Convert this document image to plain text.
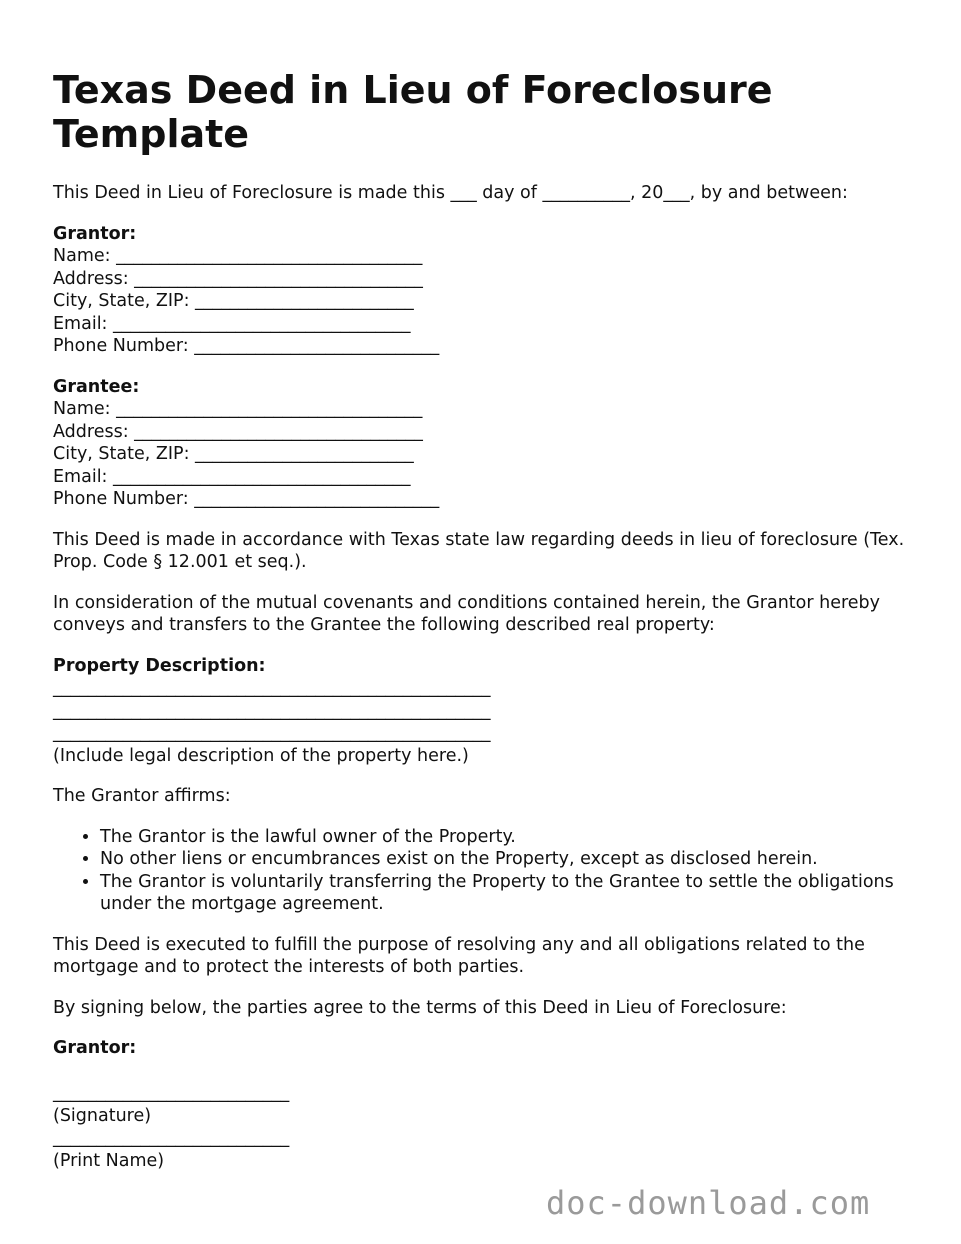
Texas Deed in Lieu of Foreclosure Template

This Deed in Lieu of Foreclosure is made this ___ day of __________, 20___, by and between:

Grantor:
Name: ___________________________________
Address: _________________________________
City, State, ZIP: _________________________
Email: __________________________________
Phone Number: ____________________________
Grantee:
Name: ___________________________________
Address: _________________________________
City, State, ZIP: _________________________
Email: __________________________________
Phone Number: ____________________________

This Deed is made in accordance with Texas state law regarding deeds in lieu of foreclosure (Tex. Prop. Code § 12.001 et seq.).

In consideration of the mutual covenants and conditions contained herein, the Grantor hereby conveys and transfers to the Grantee the following described real property:

Property Description:
__________________________________________________
__________________________________________________
__________________________________________________
(Include legal description of the property here.)

The Grantor affirms:

• The Grantor is the lawful owner of the Property.
• No other liens or encumbrances exist on the Property, except as disclosed herein.
• The Grantor is voluntarily transferring the Property to the Grantee to settle the obligations under the mortgage agreement.

This Deed is executed to fulfill the purpose of resolving any and all obligations related to the mortgage and to protect the interests of both parties.

By signing below, the parties agree to the terms of this Deed in Lieu of Foreclosure:

Grantor:
___________________________
(Signature)
___________________________
(Print Name)
doc-download.com
